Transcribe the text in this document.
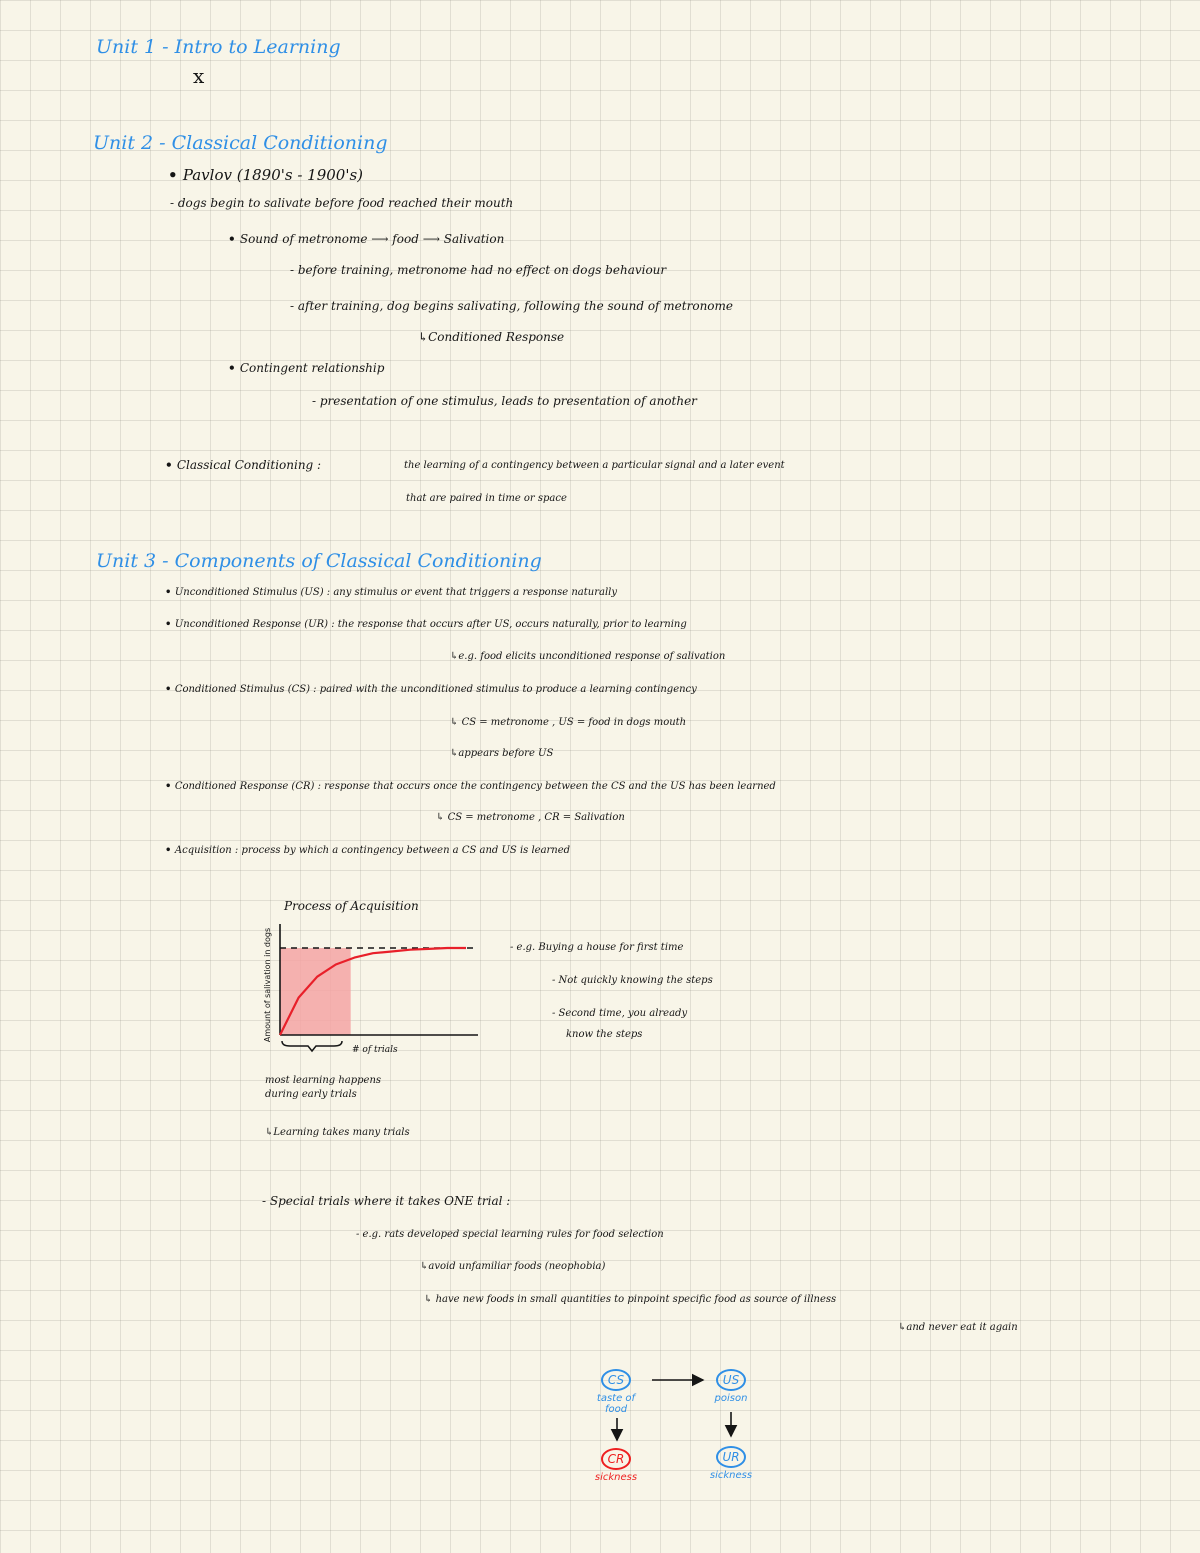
Unit 1 - Intro to Learning
x
Unit 2 - Classical Conditioning
• Pavlov (1890's - 1900's)
- dogs begin to salivate before food reached their mouth
• Sound of metronome ⟶ food ⟶ Salivation
- before training, metronome had no effect on dogs behaviour
- after training, dog begins salivating, following the sound of metronome
↳Conditioned Response
• Contingent relationship
- presentation of one stimulus, leads to presentation of another
• Classical Conditioning :	the learning of a contingency between a particular signal and a later event
that are paired in time or space
Unit 3 - Components of Classical Conditioning
• Unconditioned Stimulus (US) : any stimulus or event that triggers a response naturally
• Unconditioned Response (UR) : the response that occurs after US, occurs naturally, prior to learning
↳e.g. food elicits unconditioned response of salivation
• Conditioned Stimulus (CS) : paired with the unconditioned stimulus to produce a learning contingency
↳ CS = metronome , US = food in dogs mouth
↳appears before US
• Conditioned Response (CR) : response that occurs once the contingency between the CS and the US has been learned
↳ CS = metronome , CR = Salivation
• Acquisition : process by which a contingency between a CS and US is learned
Process of Acquisition
Amount of salivation in dogs
# of trials
most learning happens during early trials
↳Learning takes many trials
- e.g. Buying a house for first time
- Not quickly knowing the steps
- Second time, you already
know the steps
- Special trials where it takes ONE trial :
- e.g. rats developed special learning rules for food selection
↳avoid unfamiliar foods (neophobia)
↳ have new foods in small quantities to pinpoint specific food as source of illness
↳and never eat it again
CS
taste of food
US
poison
CR
sickness
UR
sickness
